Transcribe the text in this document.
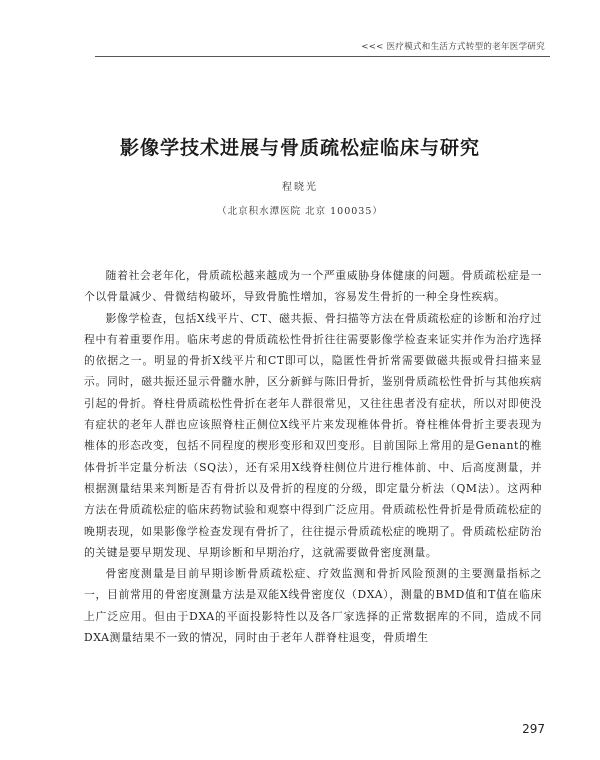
<<< 医疗模式和生活方式转型的老年医学研究
影像学技术进展与骨质疏松症临床与研究
程晓光
（北京积水潭医院 北京 100035）

随着社会老年化，骨质疏松越来越成为一个严重威胁身体健康的问题。骨质疏松症是一个以骨量减少、骨微结构破坏，导致骨脆性增加，容易发生骨折的一种全身性疾病。

影像学检查，包括X线平片、CT、磁共振、骨扫描等方法在骨质疏松症的诊断和治疗过程中有着重要作用。临床考虑的骨质疏松性骨折往往需要影像学检查来证实并作为治疗选择的依据之一。明显的骨折X线平片和CT即可以，隐匿性骨折常需要做磁共振或骨扫描来显示。同时，磁共振还显示骨髓水肿，区分新鲜与陈旧骨折，鉴别骨质疏松性骨折与其他疾病引起的骨折。脊柱骨质疏松性骨折在老年人群很常见，又往往患者没有症状，所以对即使没有症状的老年人群也应该照脊柱正侧位X线平片来发现椎体骨折。脊柱椎体骨折主要表现为椎体的形态改变，包括不同程度的楔形变形和双凹变形。目前国际上常用的是Genant的椎体骨折半定量分析法（SQ法），还有采用X线脊柱侧位片进行椎体前、中、后高度测量，并根据测量结果来判断是否有骨折以及骨折的程度的分级，即定量分析法（QM法）。这两种方法在骨质疏松症的临床药物试验和观察中得到广泛应用。骨质疏松性骨折是骨质疏松症的晚期表现，如果影像学检查发现有骨折了，往往提示骨质疏松症的晚期了。骨质疏松症防治的关键是要早期发现、早期诊断和早期治疗，这就需要做骨密度测量。

骨密度测量是目前早期诊断骨质疏松症、疗效监测和骨折风险预测的主要测量指标之一，目前常用的骨密度测量方法是双能X线骨密度仪（DXA），测量的BMD值和T值在临床上广泛应用。但由于DXA的平面投影特性以及各厂家选择的正常数据库的不同，造成不同DXA测量结果不一致的情况，同时由于老年人群脊柱退变，骨质增生

297
